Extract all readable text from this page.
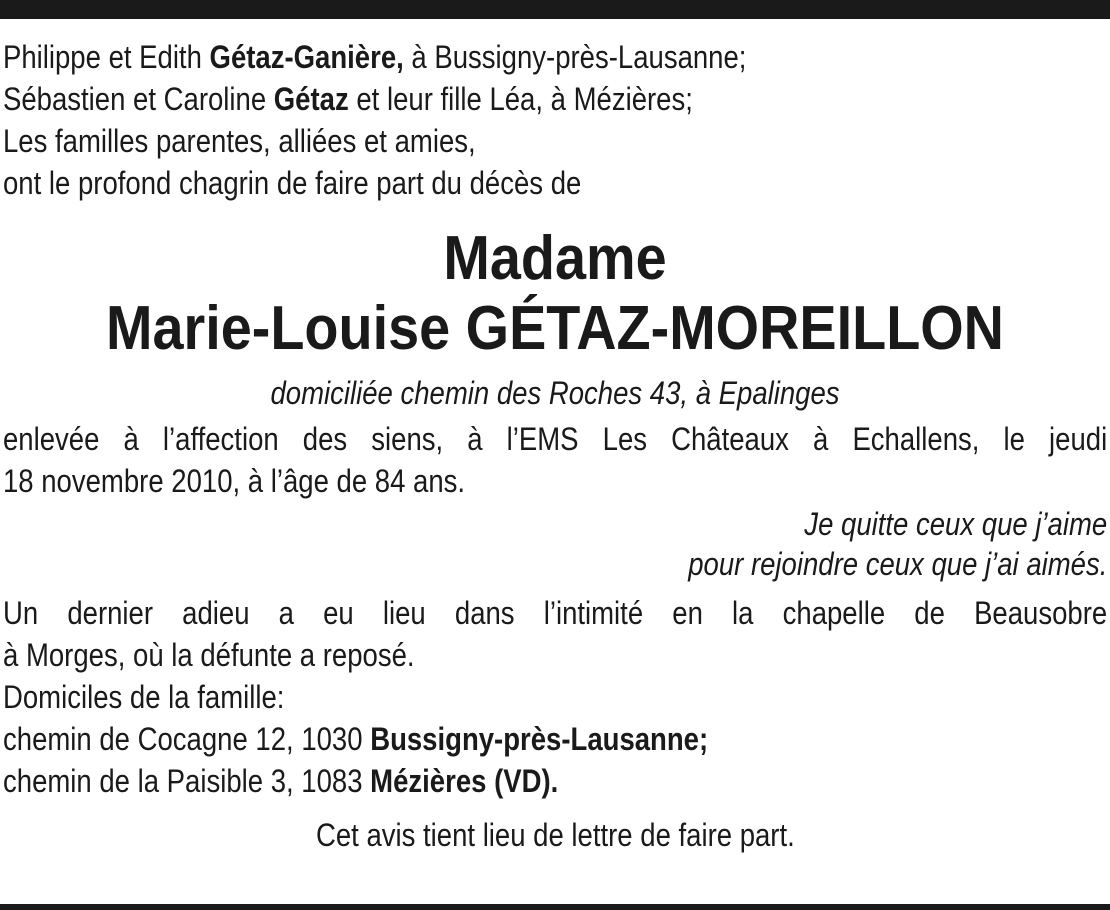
Philippe et Edith Gétaz-Ganière, à Bussigny-près-Lausanne;
Sébastien et Caroline Gétaz et leur fille Léa, à Mézières;
Les familles parentes, alliées et amies,
ont le profond chagrin de faire part du décès de
Madame
Marie-Louise GÉTAZ-MOREILLON
domiciliée chemin des Roches 43, à Epalinges
enlevée à l’affection des siens, à l’EMS Les Châteaux à Echallens, le jeudi
18 novembre 2010, à l’âge de 84 ans.
Je quitte ceux que j’aime
pour rejoindre ceux que j’ai aimés.
Un dernier adieu a eu lieu dans l’intimité en la chapelle de Beausobre
à Morges, où la défunte a reposé.
Domiciles de la famille:
chemin de Cocagne 12, 1030 Bussigny-près-Lausanne;
chemin de la Paisible 3, 1083 Mézières (VD).
Cet avis tient lieu de lettre de faire part.
